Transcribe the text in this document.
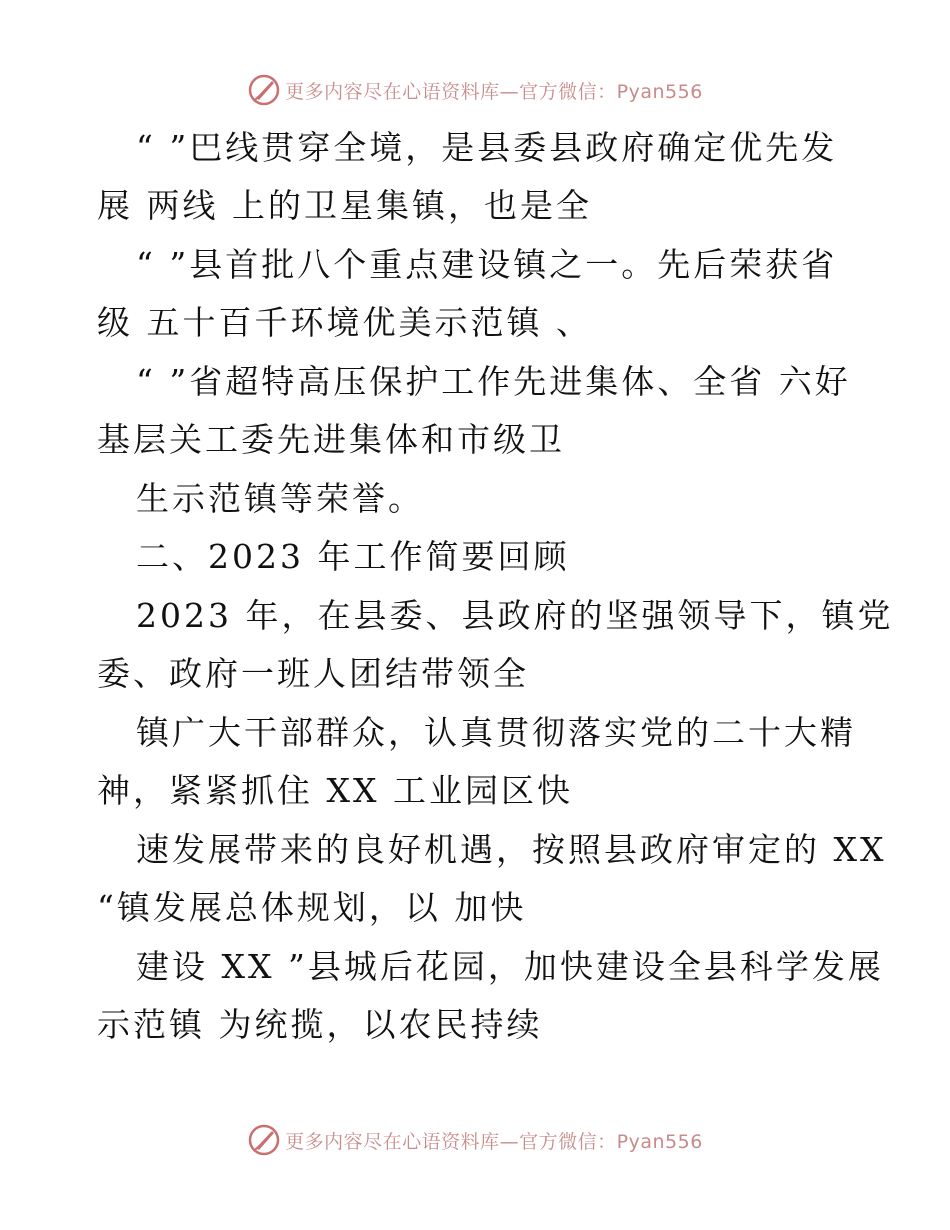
更多内容尽在心语资料库—官方微信：Pyan556
“ ”巴线贯穿全境，是县委县政府确定优先发
展 两线 上的卫星集镇，也是全
“ ”县首批八个重点建设镇之一。先后荣获省
级 五十百千环境优美示范镇 、
“ ”省超特高压保护工作先进集体、全省 六好
基层关工委先进集体和市级卫
生示范镇等荣誉。
二、2023 年工作简要回顾
2023 年，在县委、县政府的坚强领导下，镇党
委、政府一班人团结带领全
镇广大干部群众，认真贯彻落实党的二十大精
神，紧紧抓住 XX 工业园区快
速发展带来的良好机遇，按照县政府审定的 XX
“镇发展总体规划，以 加快
建设 XX ”县城后花园，加快建设全县科学发展
示范镇 为统揽，以农民持续
更多内容尽在心语资料库—官方微信：Pyan556
